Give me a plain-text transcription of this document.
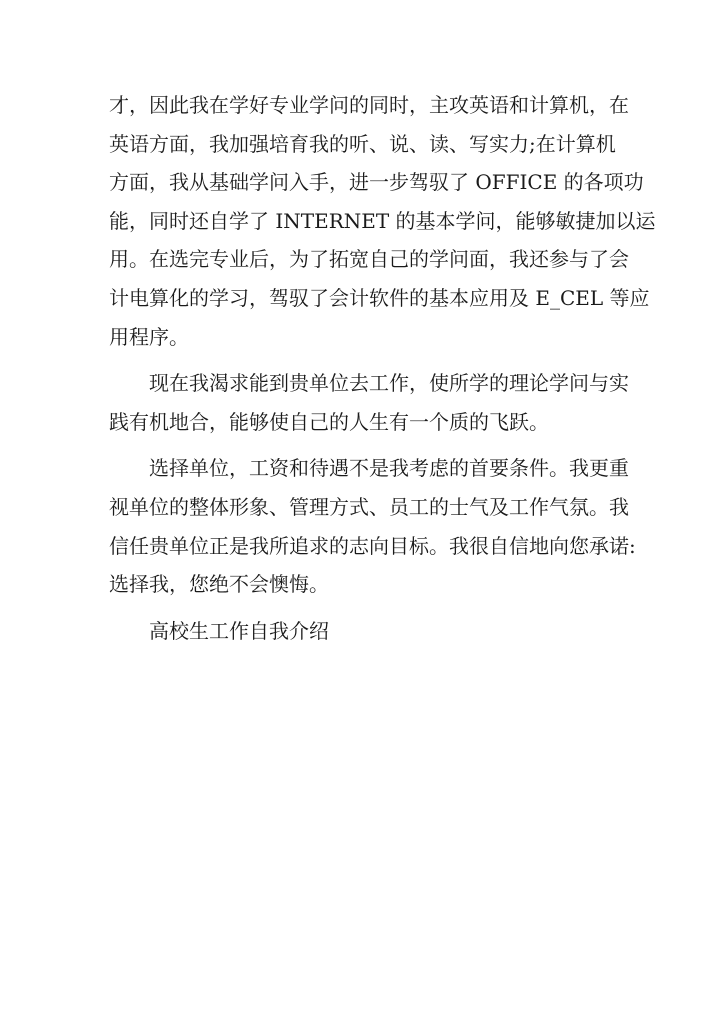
才，因此我在学好专业学问的同时，主攻英语和计算机，在
英语方面，我加强培育我的听、说、读、写实力;在计算机
方面，我从基础学问入手，进一步驾驭了 OFFICE 的各项功
能，同时还自学了 INTERNET 的基本学问，能够敏捷加以运
用。在选完专业后，为了拓宽自己的学问面，我还参与了会
计电算化的学习，驾驭了会计软件的基本应用及 E_CEL 等应
用程序。
现在我渴求能到贵单位去工作，使所学的理论学问与实
践有机地合，能够使自己的人生有一个质的飞跃。
选择单位，工资和待遇不是我考虑的首要条件。我更重
视单位的整体形象、管理方式、员工的士气及工作气氛。我
信任贵单位正是我所追求的志向目标。我很自信地向您承诺:
选择我，您绝不会懊悔。
高校生工作自我介绍
